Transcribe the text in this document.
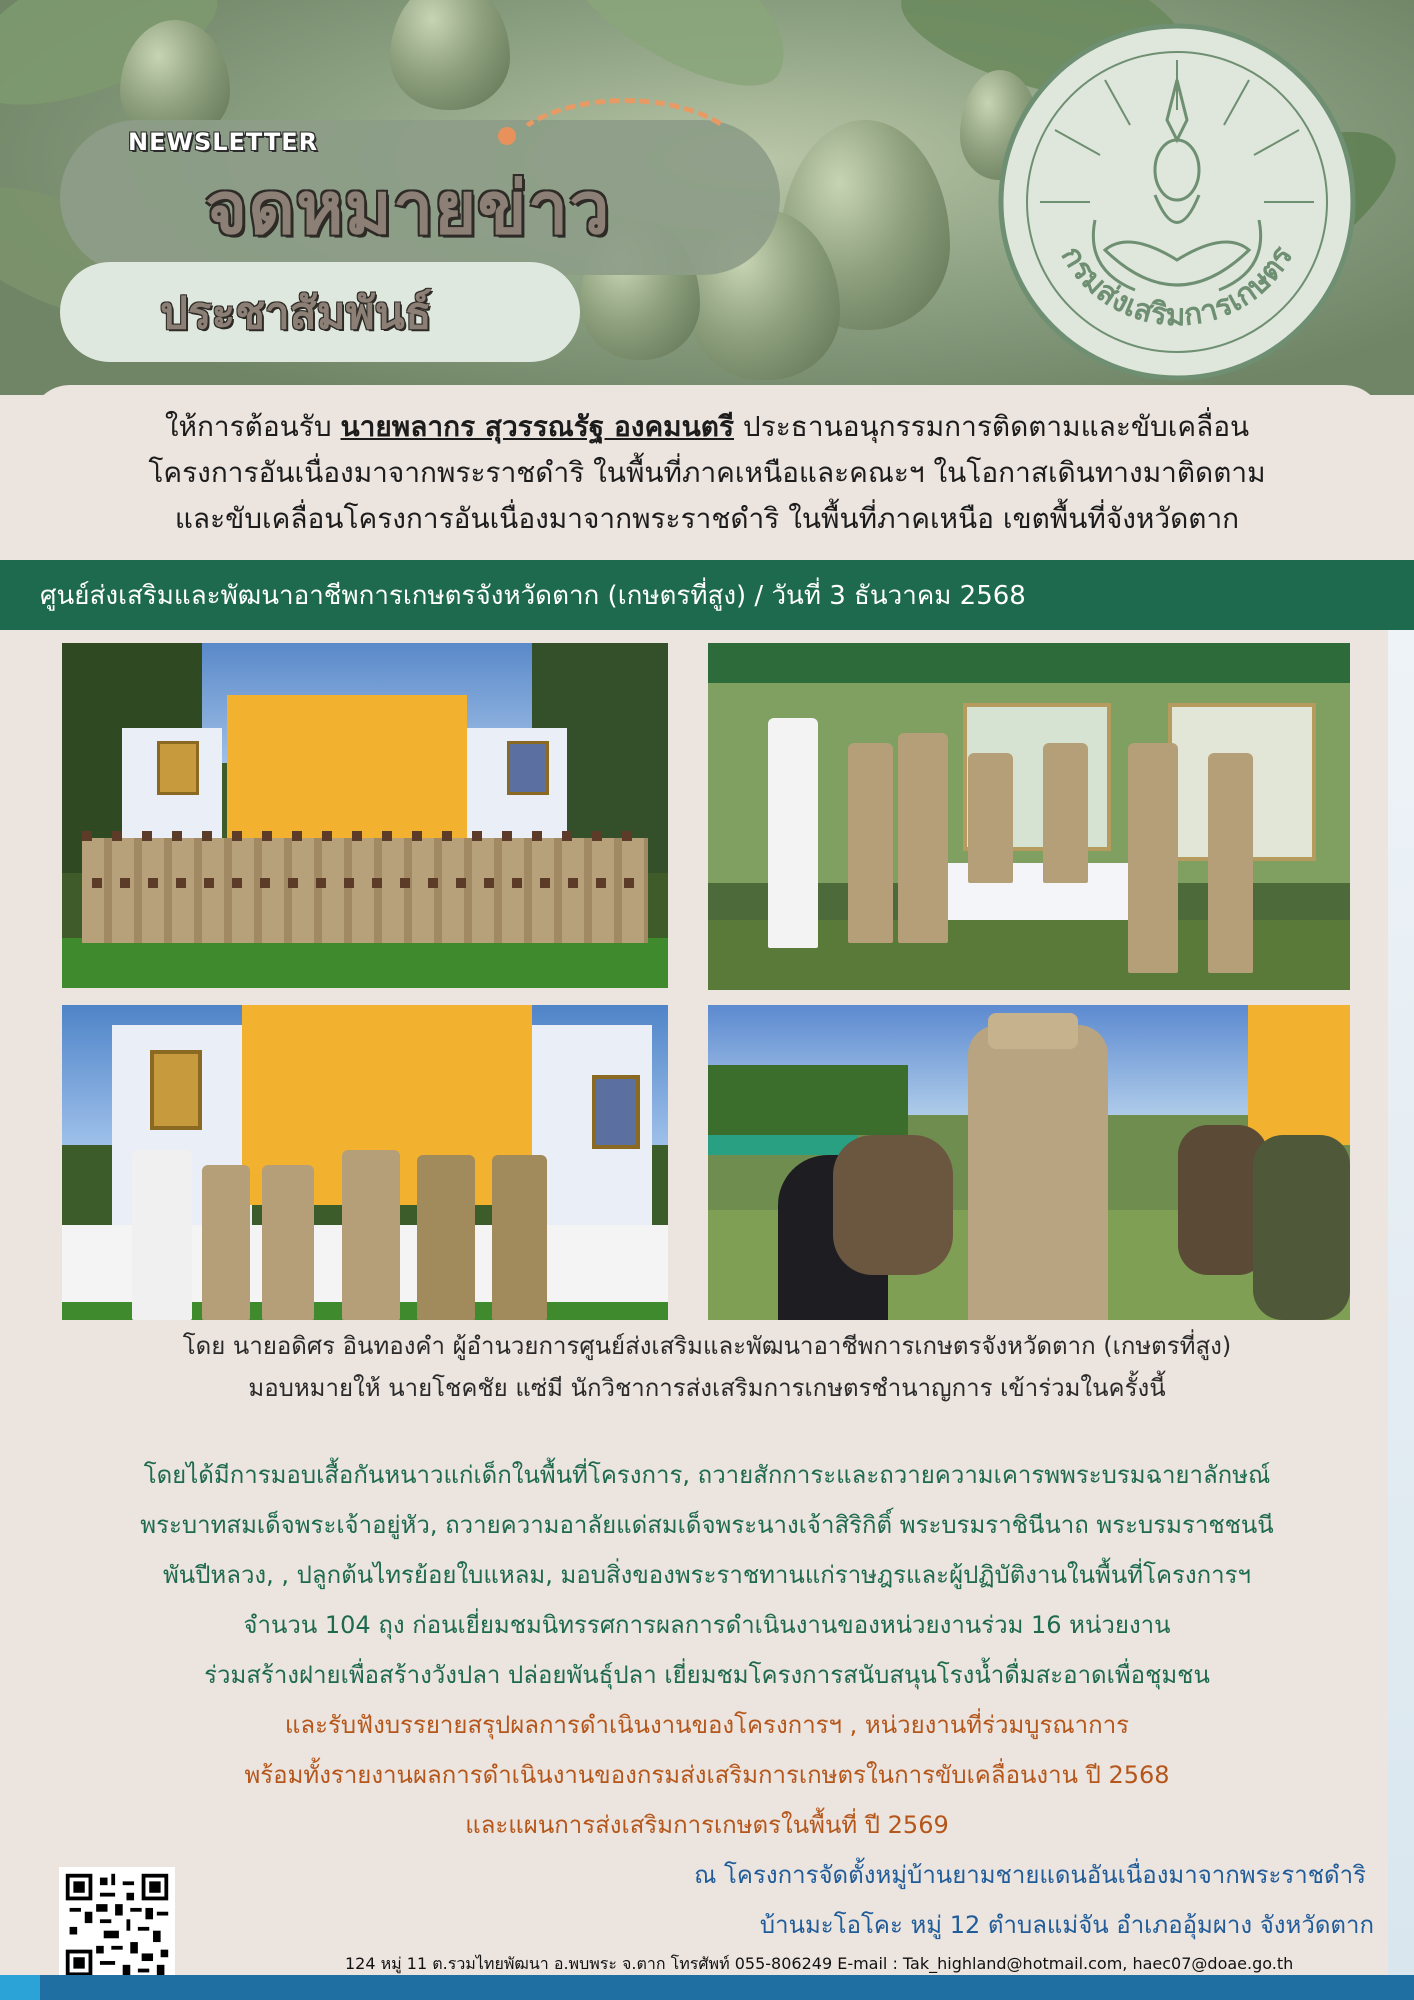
NEWSLETTER
จดหมายข่าว
ประชาสัมพันธ์
กรมส่งเสริมการเกษตร
ให้การต้อนรับ นายพลากร สุวรรณรัฐ องคมนตรี ประธานอนุกรรมการติดตามและขับเคลื่อน
โครงการอันเนื่องมาจากพระราชดำริ ในพื้นที่ภาคเหนือและคณะฯ ในโอกาสเดินทางมาติดตาม
และขับเคลื่อนโครงการอันเนื่องมาจากพระราชดำริ ในพื้นที่ภาคเหนือ เขตพื้นที่จังหวัดตาก
ศูนย์ส่งเสริมและพัฒนาอาชีพการเกษตรจังหวัดตาก (เกษตรที่สูง) / วันที่ 3 ธันวาคม 2568
โดย นายอดิศร อินทองคำ ผู้อำนวยการศูนย์ส่งเสริมและพัฒนาอาชีพการเกษตรจังหวัดตาก (เกษตรที่สูง)
มอบหมายให้ นายโชคชัย แซ่มี นักวิชาการส่งเสริมการเกษตรชำนาญการ เข้าร่วมในครั้งนี้
โดยได้มีการมอบเสื้อกันหนาวแก่เด็กในพื้นที่โครงการ, ถวายสักการะและถวายความเคารพพระบรมฉายาลักษณ์
พระบาทสมเด็จพระเจ้าอยู่หัว, ถวายความอาลัยแด่สมเด็จพระนางเจ้าสิริกิติ์ พระบรมราชินีนาถ พระบรมราชชนนี
พันปีหลวง, , ปลูกต้นไทรย้อยใบแหลม, มอบสิ่งของพระราชทานแก่ราษฎรและผู้ปฏิบัติงานในพื้นที่โครงการฯ
จำนวน 104 ถุง ก่อนเยี่ยมชมนิทรรศการผลการดำเนินงานของหน่วยงานร่วม 16 หน่วยงาน
ร่วมสร้างฝายเพื่อสร้างวังปลา ปล่อยพันธุ์ปลา เยี่ยมชมโครงการสนับสนุนโรงน้ำดื่มสะอาดเพื่อชุมชน
และรับฟังบรรยายสรุปผลการดำเนินงานของโครงการฯ , หน่วยงานที่ร่วมบูรณาการ
พร้อมทั้งรายงานผลการดำเนินงานของกรมส่งเสริมการเกษตรในการขับเคลื่อนงาน ปี 2568
และแผนการส่งเสริมการเกษตรในพื้นที่ ปี 2569
ณ โครงการจัดตั้งหมู่บ้านยามชายแดนอันเนื่องมาจากพระราชดำริ
บ้านมะโอโคะ หมู่ 12 ตำบลแม่จัน อำเภออุ้มผาง จังหวัดตาก
124 หมู่ 11 ต.รวมไทยพัฒนา อ.พบพระ จ.ตาก โทรศัพท์ 055-806249 E-mail : Tak_highland@hotmail.com, haec07@doae.go.th
